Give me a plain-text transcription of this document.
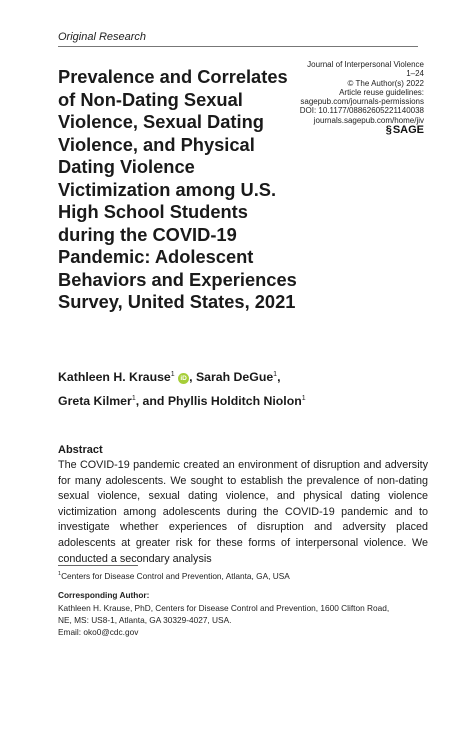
Original Research
Journal of Interpersonal Violence
1–24
© The Author(s) 2022
Article reuse guidelines:
sagepub.com/journals-permissions
DOI: 10.1177/08862605221140038
journals.sagepub.com/home/jiv
§ SAGE
Prevalence and Correlates of Non-Dating Sexual Violence, Sexual Dating Violence, and Physical Dating Violence Victimization among U.S. High School Students during the COVID-19 Pandemic: Adolescent Behaviors and Experiences Survey, United States, 2021
Kathleen H. Krause$^1$ iD , Sarah DeGue$^1$,
Greta Kilmer$^1$, and Phyllis Holditch Niolon$^1$
Abstract
The COVID-19 pandemic created an environment of disruption and adversity for many adolescents. We sought to establish the prevalence of non-dating sexual violence, sexual dating violence, and physical dating violence victimization among adolescents during the COVID-19 pandemic and to investigate whether experiences of disruption and adversity placed adolescents at greater risk for these forms of interpersonal violence. We conducted a secondary analysis
$^1$Centers for Disease Control and Prevention, Atlanta, GA, USA
Corresponding Author:
Kathleen H. Krause, PhD, Centers for Disease Control and Prevention, 1600 Clifton Road,
NE, MS: US8-1, Atlanta, GA 30329-4027, USA.
Email: oko0@cdc.gov
